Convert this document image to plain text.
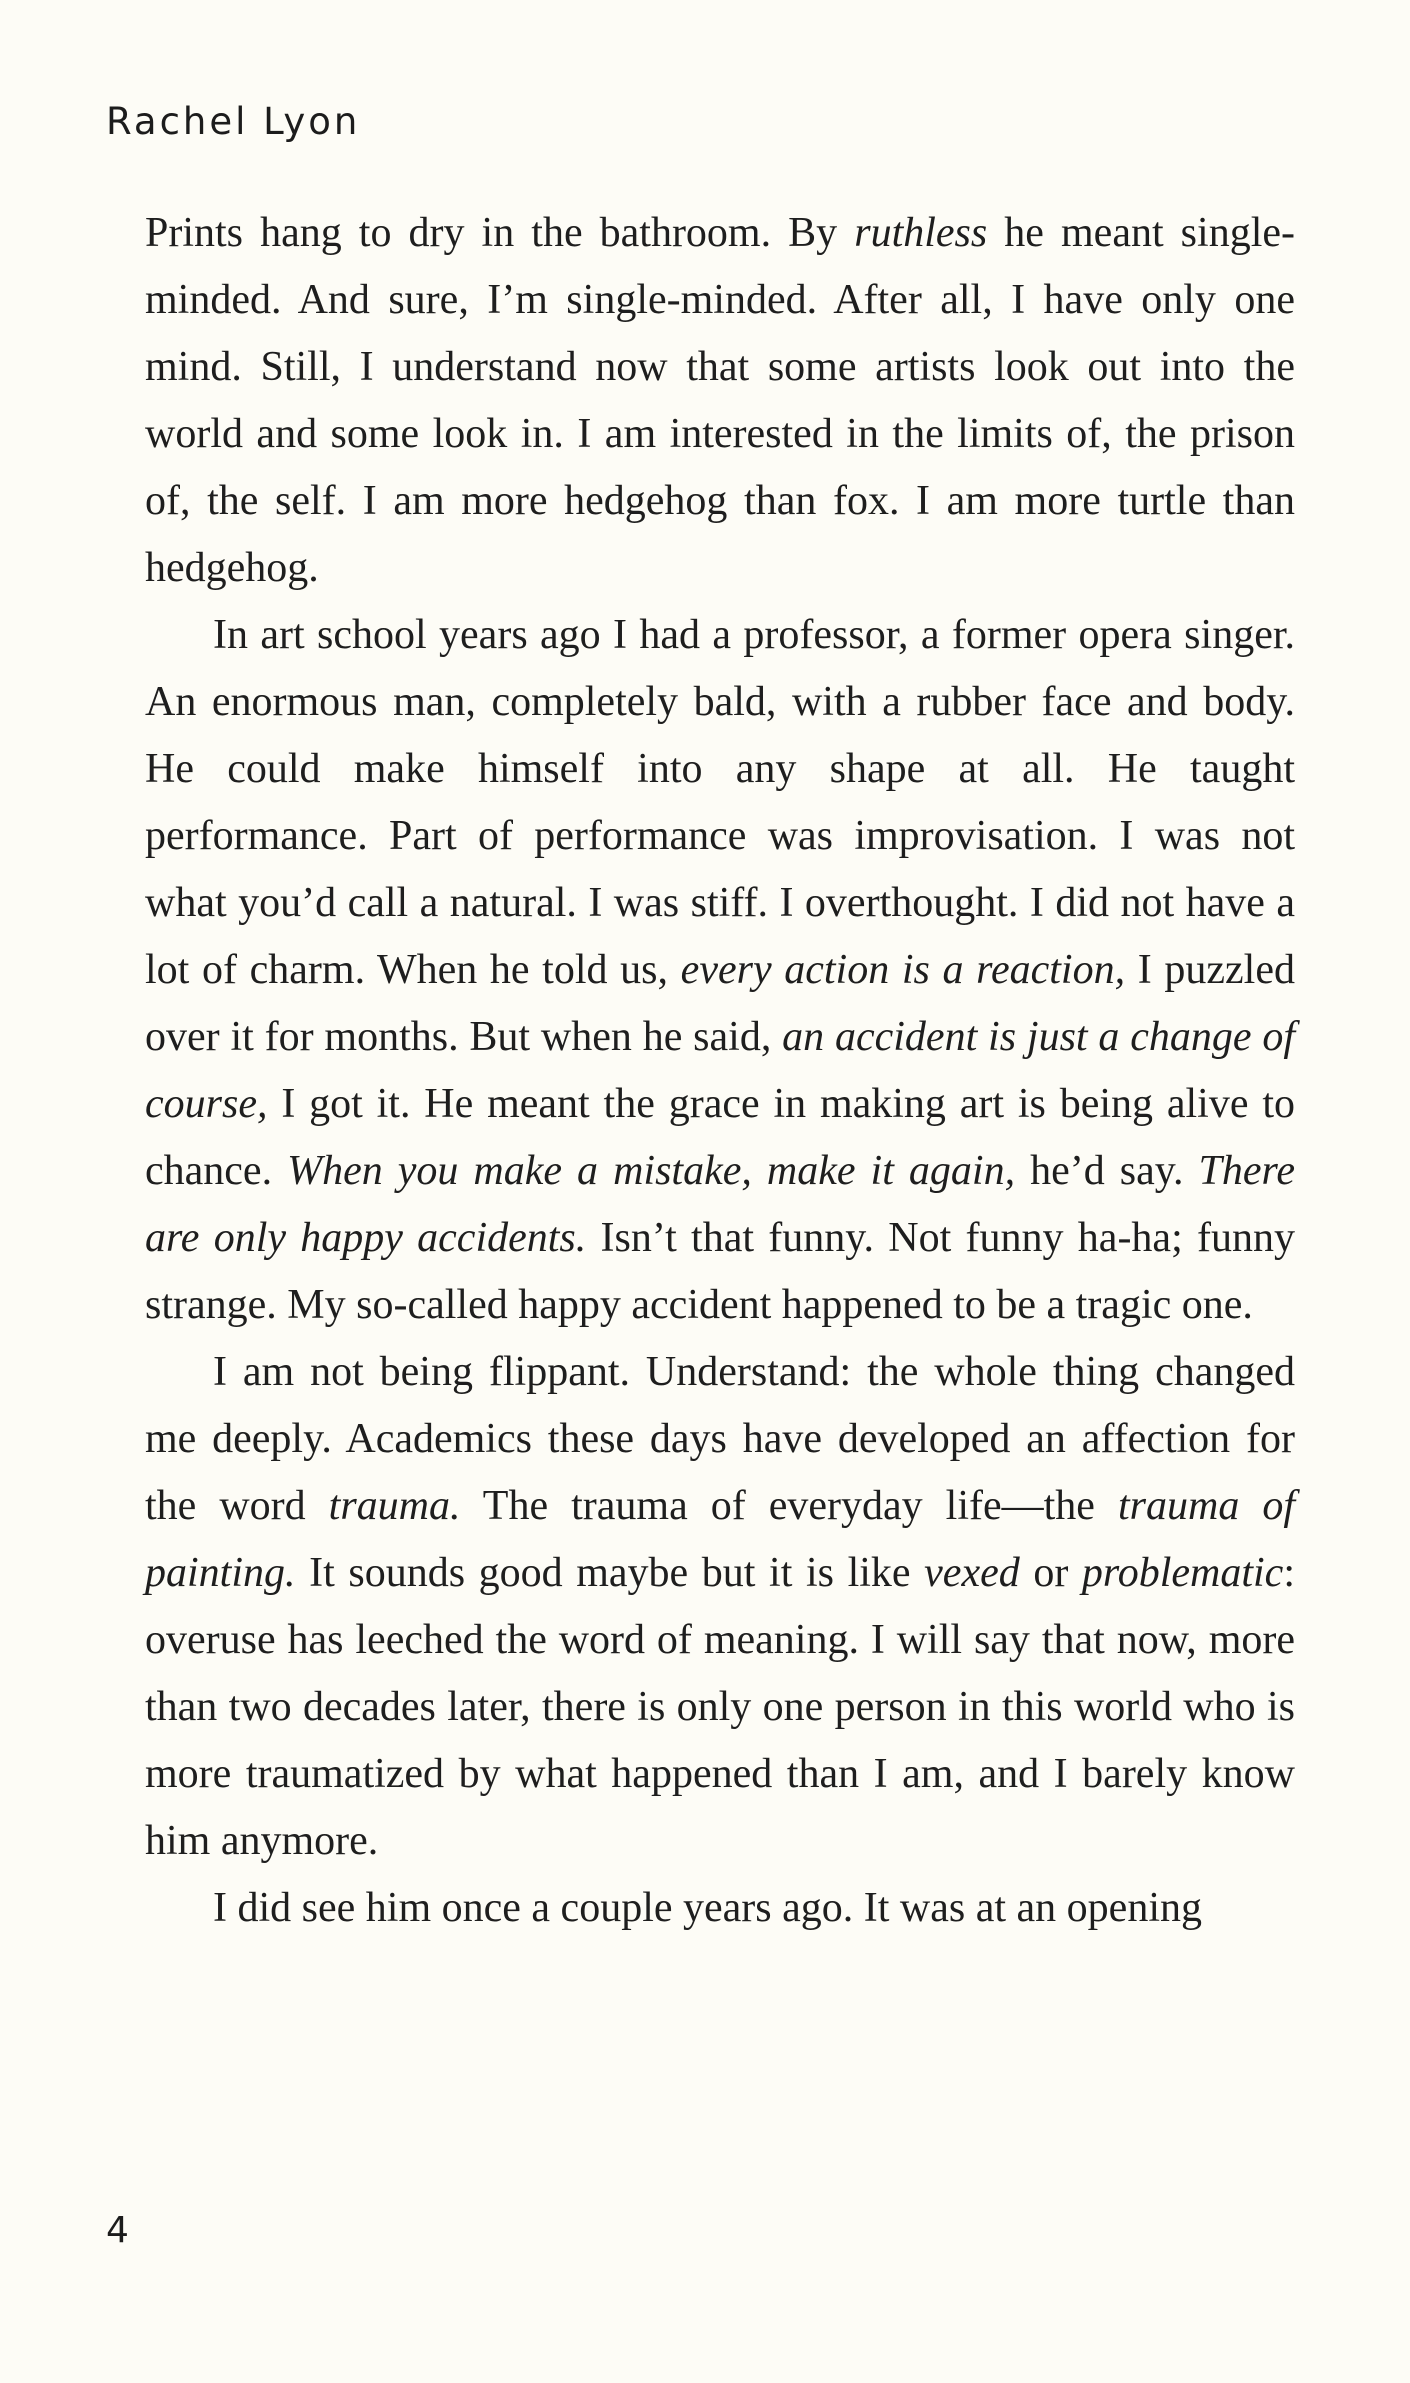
Rachel Lyon

Prints hang to dry in the bathroom. By ruthless he meant single-minded. And sure, I’m single-minded. After all, I have only one mind. Still, I understand now that some artists look out into the world and some look in. I am interested in the limits of, the prison of, the self. I am more hedgehog than fox. I am more turtle than hedgehog.

In art school years ago I had a professor, a former opera singer. An enormous man, completely bald, with a rubber face and body. He could make himself into any shape at all. He taught performance. Part of performance was improvisation. I was not what you’d call a natural. I was stiff. I overthought. I did not have a lot of charm. When he told us, every action is a reaction, I puzzled over it for months. But when he said, an accident is just a change of course, I got it. He meant the grace in making art is being alive to chance. When you make a mistake, make it again, he’d say. There are only happy accidents. Isn’t that funny. Not funny ha-ha; funny strange. My so-called happy accident happened to be a tragic one.

I am not being flippant. Understand: the whole thing changed me deeply. Academics these days have developed an affection for the word trauma. The trauma of everyday life—the trauma of painting. It sounds good maybe but it is like vexed or problematic: overuse has leeched the word of meaning. I will say that now, more than two decades later, there is only one person in this world who is more traumatized by what happened than I am, and I barely know him anymore.

I did see him once a couple years ago. It was at an opening

4
